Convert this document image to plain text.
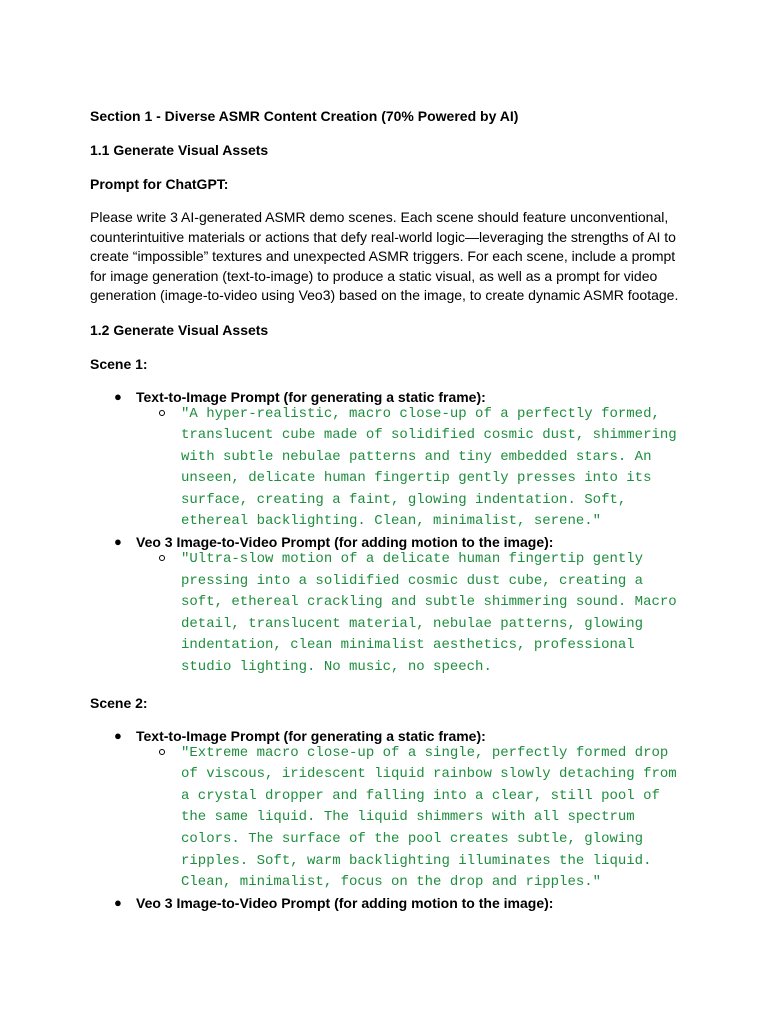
Section 1 - Diverse ASMR Content Creation (70% Powered by AI)
1.1 Generate Visual Assets
Prompt for ChatGPT:
Please write 3 AI-generated ASMR demo scenes. Each scene should feature unconventional, counterintuitive materials or actions that defy real-world logic—leveraging the strengths of AI to create “impossible” textures and unexpected ASMR triggers. For each scene, include a prompt for image generation (text-to-image) to produce a static visual, as well as a prompt for video generation (image-to-video using Veo3) based on the image, to create dynamic ASMR footage.
1.2 Generate Visual Assets
Scene 1:
● Text-to-Image Prompt (for generating a static frame):
"A hyper-realistic, macro close-up of a perfectly formed, translucent cube made of solidified cosmic dust, shimmering with subtle nebulae patterns and tiny embedded stars. An unseen, delicate human fingertip gently presses into its surface, creating a faint, glowing indentation. Soft, ethereal backlighting. Clean, minimalist, serene."
● Veo 3 Image-to-Video Prompt (for adding motion to the image):
"Ultra-slow motion of a delicate human fingertip gently pressing into a solidified cosmic dust cube, creating a soft, ethereal crackling and subtle shimmering sound. Macro detail, translucent material, nebulae patterns, glowing indentation, clean minimalist aesthetics, professional studio lighting. No music, no speech.
Scene 2:
● Text-to-Image Prompt (for generating a static frame):
"Extreme macro close-up of a single, perfectly formed drop of viscous, iridescent liquid rainbow slowly detaching from a crystal dropper and falling into a clear, still pool of the same liquid. The liquid shimmers with all spectrum colors. The surface of the pool creates subtle, glowing ripples. Soft, warm backlighting illuminates the liquid. Clean, minimalist, focus on the drop and ripples."
● Veo 3 Image-to-Video Prompt (for adding motion to the image):
